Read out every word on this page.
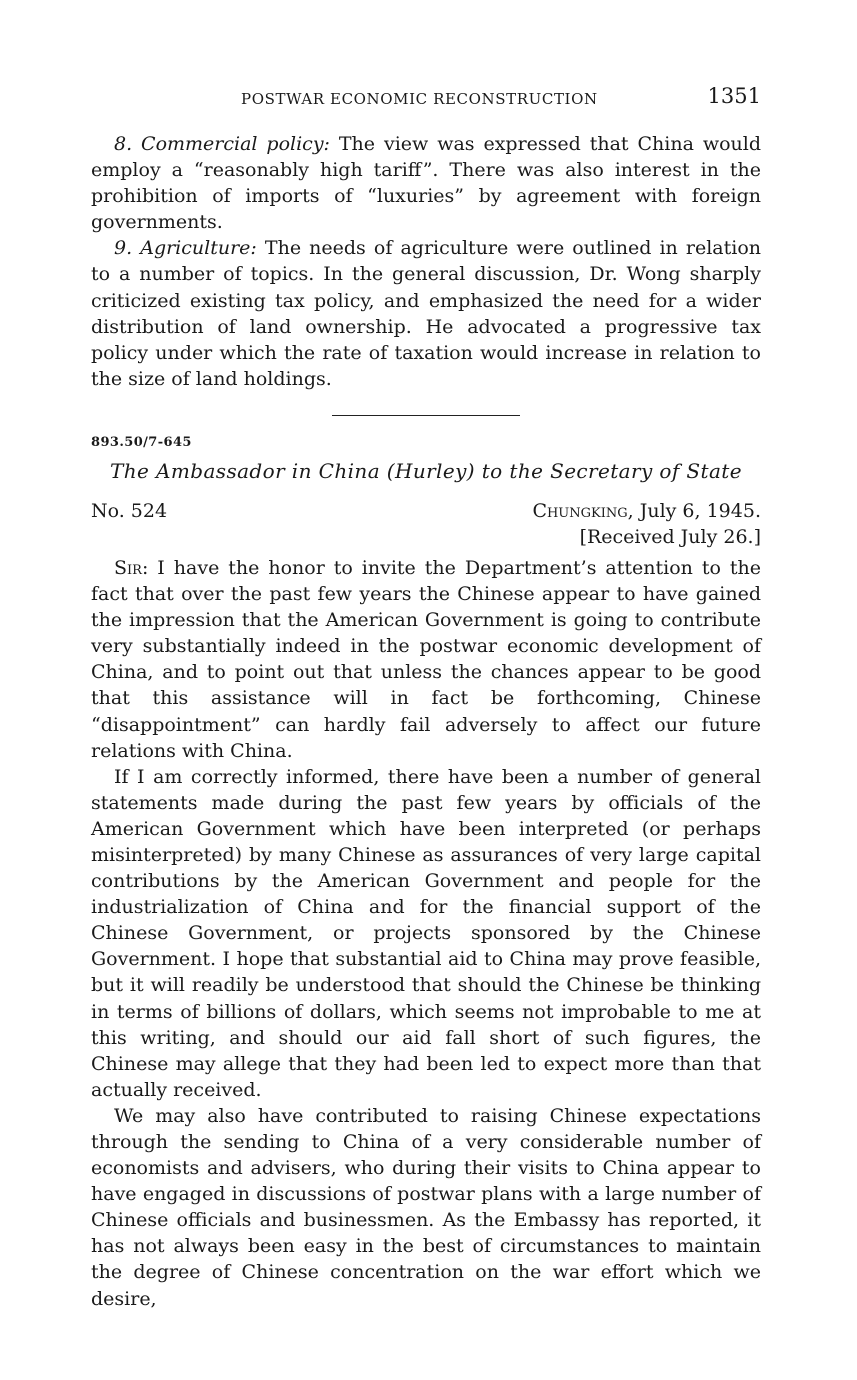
POSTWAR ECONOMIC RECONSTRUCTION	1351

8. Commercial policy: The view was expressed that China would employ a “reasonably high tariff”. There was also interest in the prohibition of imports of “luxuries” by agreement with foreign governments.

9. Agriculture: The needs of agriculture were outlined in relation to a number of topics. In the general discussion, Dr. Wong sharply criticized existing tax policy, and emphasized the need for a wider distribution of land ownership. He advocated a progressive tax policy under which the rate of taxation would increase in relation to the size of land holdings.

893.50/7-645
The Ambassador in China (Hurley) to the Secretary of State
No. 524	Chungking, July 6, 1945.
[Received July 26.]

Sir: I have the honor to invite the Department’s attention to the fact that over the past few years the Chinese appear to have gained the impression that the American Government is going to contribute very substantially indeed in the postwar economic development of China, and to point out that unless the chances appear to be good that this assistance will in fact be forthcoming, Chinese “disappointment” can hardly fail adversely to affect our future relations with China.

If I am correctly informed, there have been a number of general statements made during the past few years by officials of the American Government which have been interpreted (or perhaps misinterpreted) by many Chinese as assurances of very large capital contributions by the American Government and people for the industrialization of China and for the financial support of the Chinese Government, or projects sponsored by the Chinese Government. I hope that substantial aid to China may prove feasible, but it will readily be understood that should the Chinese be thinking in terms of billions of dollars, which seems not improbable to me at this writing, and should our aid fall short of such figures, the Chinese may allege that they had been led to expect more than that actually received.

We may also have contributed to raising Chinese expectations through the sending to China of a very considerable number of economists and advisers, who during their visits to China appear to have engaged in discussions of postwar plans with a large number of Chinese officials and businessmen. As the Embassy has reported, it has not always been easy in the best of circumstances to maintain the degree of Chinese concentration on the war effort which we desire,
